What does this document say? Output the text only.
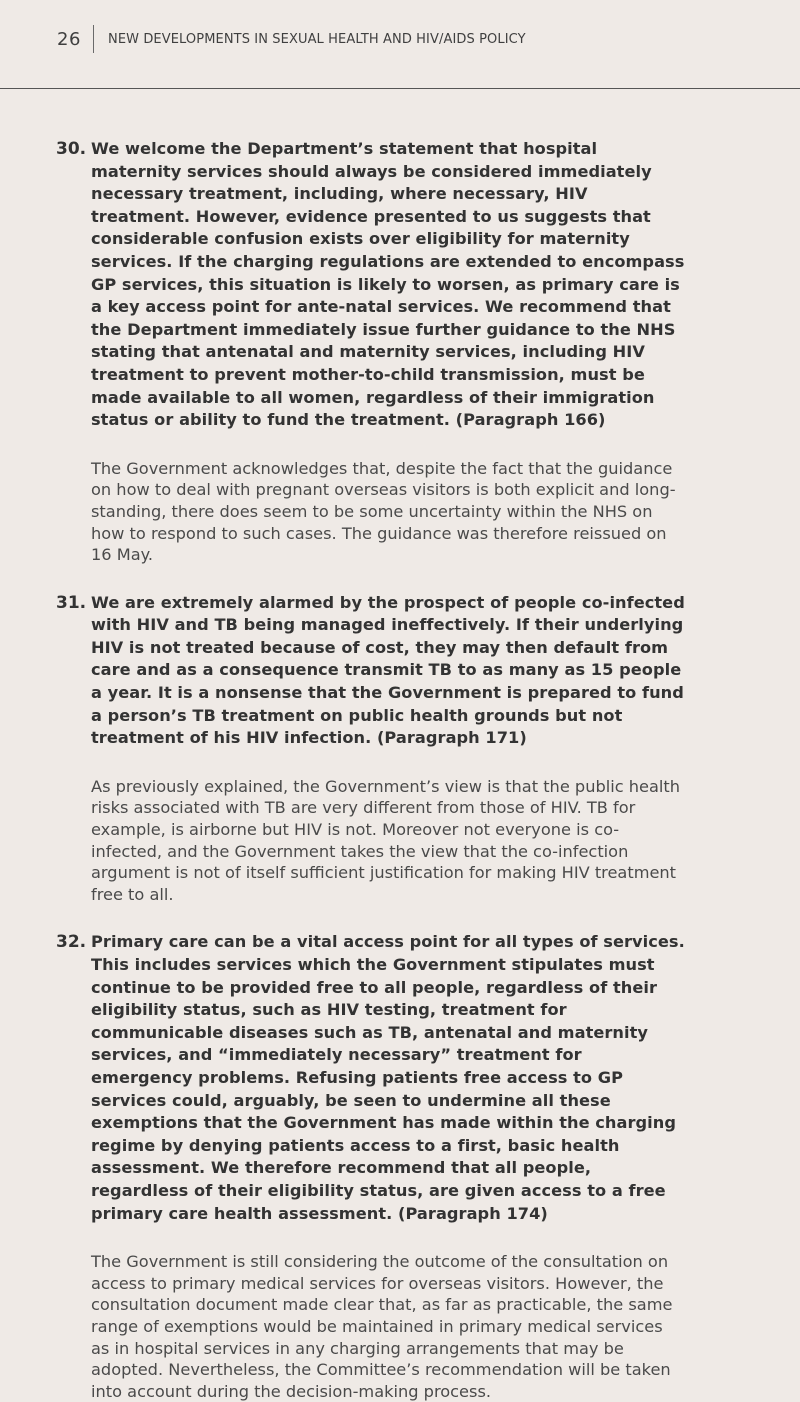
26	NEW DEVELOPMENTS IN SEXUAL HEALTH AND HIV/AIDS POLICY
30. We welcome the Department’s statement that hospital maternity services should always be considered immediately necessary treatment, including, where necessary, HIV treatment. However, evidence presented to us suggests that considerable confusion exists over eligibility for maternity services. If the charging regulations are extended to encompass GP services, this situation is likely to worsen, as primary care is a key access point for ante-natal services. We recommend that the Department immediately issue further guidance to the NHS stating that antenatal and maternity services, including HIV treatment to prevent mother-to-child transmission, must be made available to all women, regardless of their immigration status or ability to fund the treatment. (Paragraph 166)

The Government acknowledges that, despite the fact that the guidance on how to deal with pregnant overseas visitors is both explicit and long-standing, there does seem to be some uncertainty within the NHS on how to respond to such cases. The guidance was therefore reissued on 16 May.

31. We are extremely alarmed by the prospect of people co-infected with HIV and TB being managed ineffectively. If their underlying HIV is not treated because of cost, they may then default from care and as a consequence transmit TB to as many as 15 people a year. It is a nonsense that the Government is prepared to fund a person’s TB treatment on public health grounds but not treatment of his HIV infection. (Paragraph 171)

As previously explained, the Government’s view is that the public health risks associated with TB are very different from those of HIV. TB for example, is airborne but HIV is not. Moreover not everyone is co-infected, and the Government takes the view that the co-infection argument is not of itself sufficient justification for making HIV treatment free to all.

32. Primary care can be a vital access point for all types of services. This includes services which the Government stipulates must continue to be provided free to all people, regardless of their eligibility status, such as HIV testing, treatment for communicable diseases such as TB, antenatal and maternity services, and “immediately necessary” treatment for emergency problems. Refusing patients free access to GP services could, arguably, be seen to undermine all these exemptions that the Government has made within the charging regime by denying patients access to a first, basic health assessment. We therefore recommend that all people, regardless of their eligibility status, are given access to a free primary care health assessment. (Paragraph 174)

The Government is still considering the outcome of the consultation on access to primary medical services for overseas visitors. However, the consultation document made clear that, as far as practicable, the same range of exemptions would be maintained in primary medical services as in hospital services in any charging arrangements that may be adopted. Nevertheless, the Committee’s recommendation will be taken into account during the decision-making process.
